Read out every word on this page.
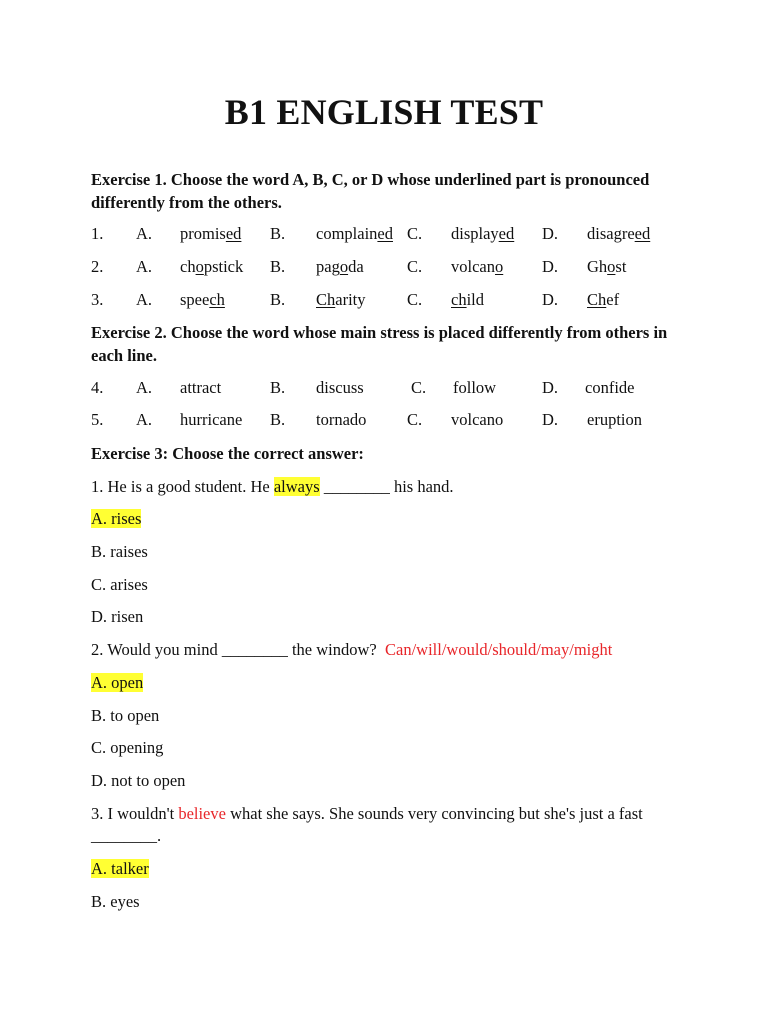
B1 ENGLISH TEST
Exercise 1. Choose the word A, B, C, or D whose underlined part is pronounced differently from the others.
1. A. promised B. complained C. displayed D. disagreed
2. A. chopstick B. pagoda	C. volcano D. Ghost
3. A. speech	B. Charity	C. child	D. Chef
Exercise 2. Choose the word whose main stress is placed differently from others in each line.
4. A. attract	B. discuss	C. follow	D. confide
5. A. hurricane B. tornado C. volcano D. eruption
Exercise 3: Choose the correct answer:
1. He is a good student. He always ________ his hand.
A. rises
B. raises
C. arises
D. risen
2. Would you mind ________ the window? Can/will/would/should/may/might
A. open
B. to open
C. opening
D. not to open
3. I wouldn't believe what she says. She sounds very convincing but she's just a fast ________.
A. talker
B. eyes
